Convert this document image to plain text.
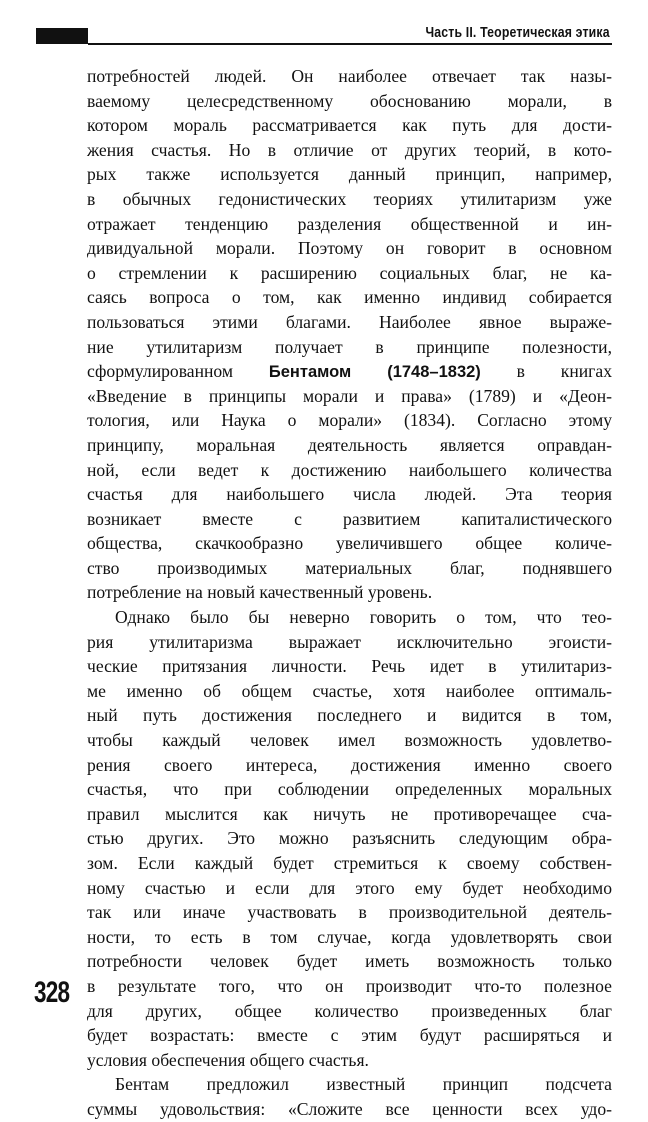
Часть II. Теоретическая этика
потребностей людей. Он наиболее отвечает так назы-
ваемому целесредственному обоснованию морали, в
котором мораль рассматривается как путь для дости-
жения счастья. Но в отличие от других теорий, в кото-
рых также используется данный принцип, например,
в обычных гедонистических теориях утилитаризм уже
отражает тенденцию разделения общественной и ин-
дивидуальной морали. Поэтому он говорит в основном
о стремлении к расширению социальных благ, не ка-
саясь вопроса о том, как именно индивид собирается
пользоваться этими благами. Наиболее явное выраже-
ние утилитаризм получает в принципе полезности,
сформулированном Бентамом (1748–1832) в книгах
«Введение в принципы морали и права» (1789) и «Деон-
тология, или Наука о морали» (1834). Согласно этому
принципу, моральная деятельность является оправдан-
ной, если ведет к достижению наибольшего количества
счастья для наибольшего числа людей. Эта теория
возникает вместе с развитием капиталистического
общества, скачкообразно увеличившего общее количе-
ство производимых материальных благ, поднявшего
потребление на новый качественный уровень.
Однако было бы неверно говорить о том, что тео-
рия утилитаризма выражает исключительно эгоисти-
ческие притязания личности. Речь идет в утилитариз-
ме именно об общем счастье, хотя наиболее оптималь-
ный путь достижения последнего и видится в том,
чтобы каждый человек имел возможность удовлетво-
рения своего интереса, достижения именно своего
счастья, что при соблюдении определенных моральных
правил мыслится как ничуть не противоречащее сча-
стью других. Это можно разъяснить следующим обра-
зом. Если каждый будет стремиться к своему собствен-
ному счастью и если для этого ему будет необходимо
так или иначе участвовать в производительной деятель-
ности, то есть в том случае, когда удовлетворять свои
потребности человек будет иметь возможность только
в результате того, что он производит что-то полезное
для других, общее количество произведенных благ
будет возрастать: вместе с этим будут расширяться и
условия обеспечения общего счастья.
Бентам предложил известный принцип подсчета
суммы удовольствия: «Сложите все ценности всех удо-
328
